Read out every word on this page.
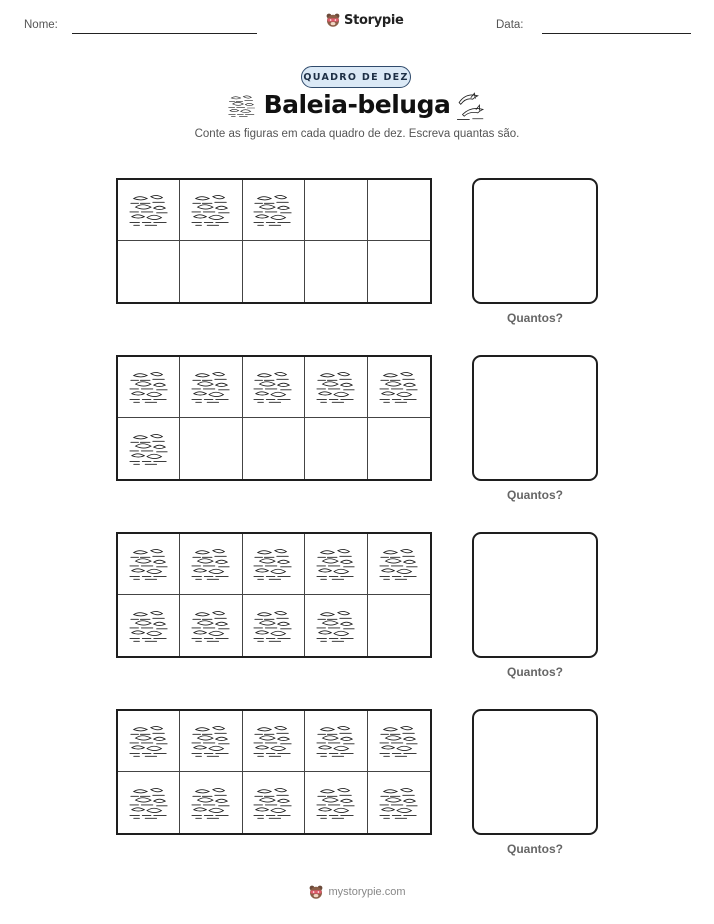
Nome:	Storypie	Data:
QUADRO DE DEZ
Baleia-beluga
Conte as figuras em cada quadro de dez. Escreva quantas são.
Quantos?
Quantos?
Quantos?
Quantos?
mystorypie.com
